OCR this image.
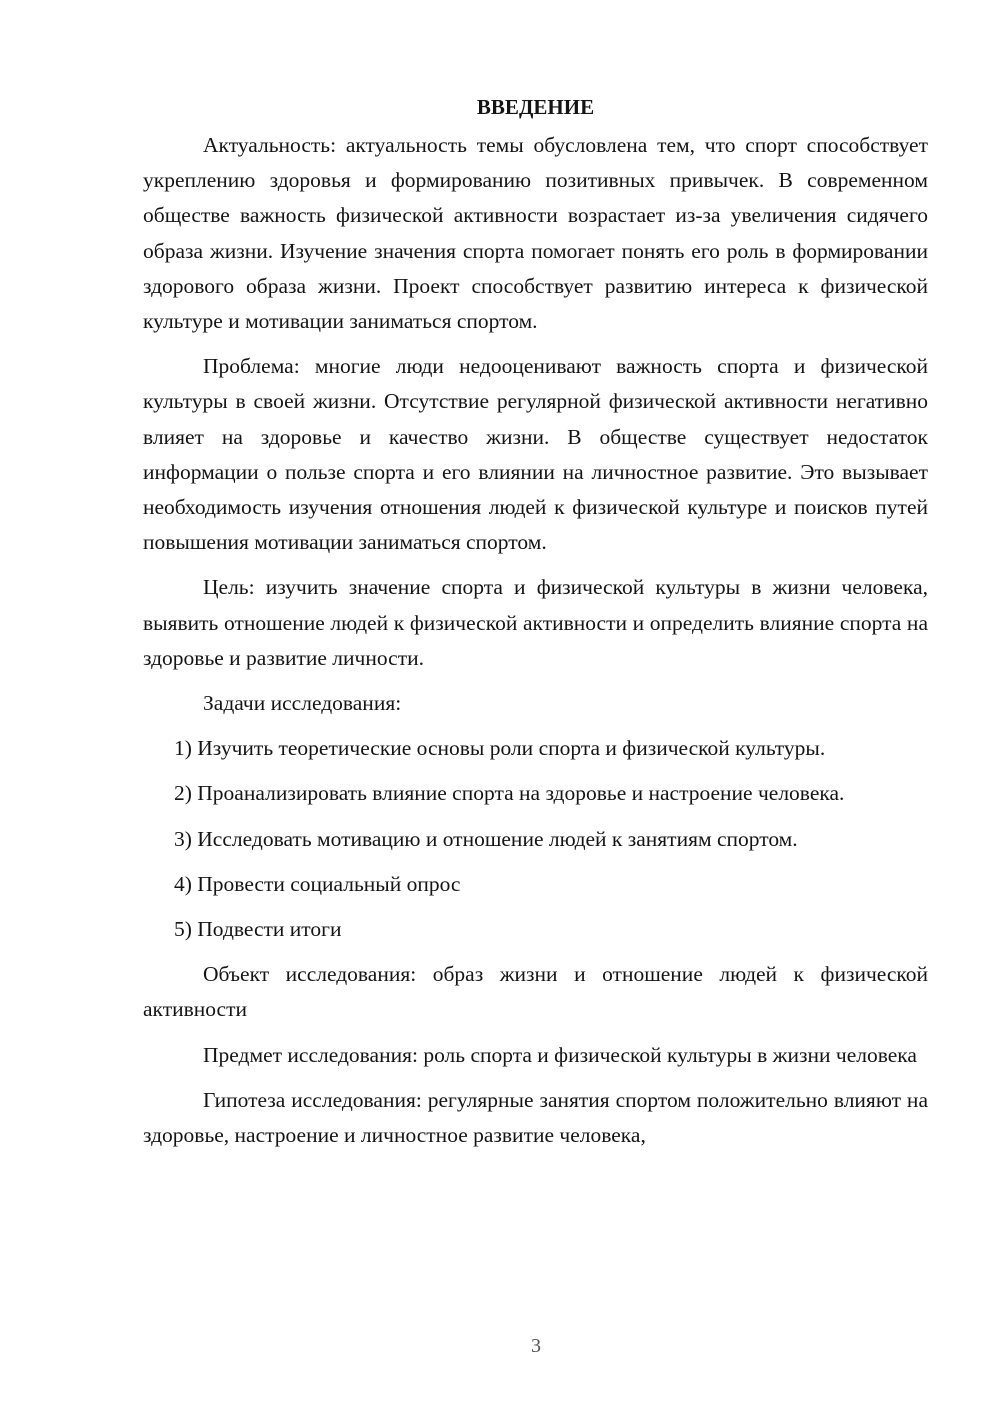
ВВЕДЕНИЕ

Актуальность: актуальность темы обусловлена тем, что спорт способствует укреплению здоровья и формированию позитивных привычек. В современном обществе важность физической активности возрастает из-за увеличения сидячего образа жизни. Изучение значения спорта помогает понять его роль в формировании здорового образа жизни. Проект способствует развитию интереса к физической культуре и мотивации заниматься спортом.

Проблема: многие люди недооценивают важность спорта и физической культуры в своей жизни. Отсутствие регулярной физической активности негативно влияет на здоровье и качество жизни. В обществе существует недостаток информации о пользе спорта и его влиянии на личностное развитие. Это вызывает необходимость изучения отношения людей к физической культуре и поисков путей повышения мотивации заниматься спортом.

Цель: изучить значение спорта и физической культуры в жизни человека, выявить отношение людей к физической активности и определить влияние спорта на здоровье и развитие личности.

Задачи исследования:

1) Изучить теоретические основы роли спорта и физической культуры.

2) Проанализировать влияние спорта на здоровье и настроение человека.

3) Исследовать мотивацию и отношение людей к занятиям спортом.

4) Провести социальный опрос

5) Подвести итоги

Объект исследования: образ жизни и отношение людей к физической активности

Предмет исследования: роль спорта и физической культуры в жизни человека

Гипотеза исследования: регулярные занятия спортом положительно влияют на здоровье, настроение и личностное развитие человека,

3
